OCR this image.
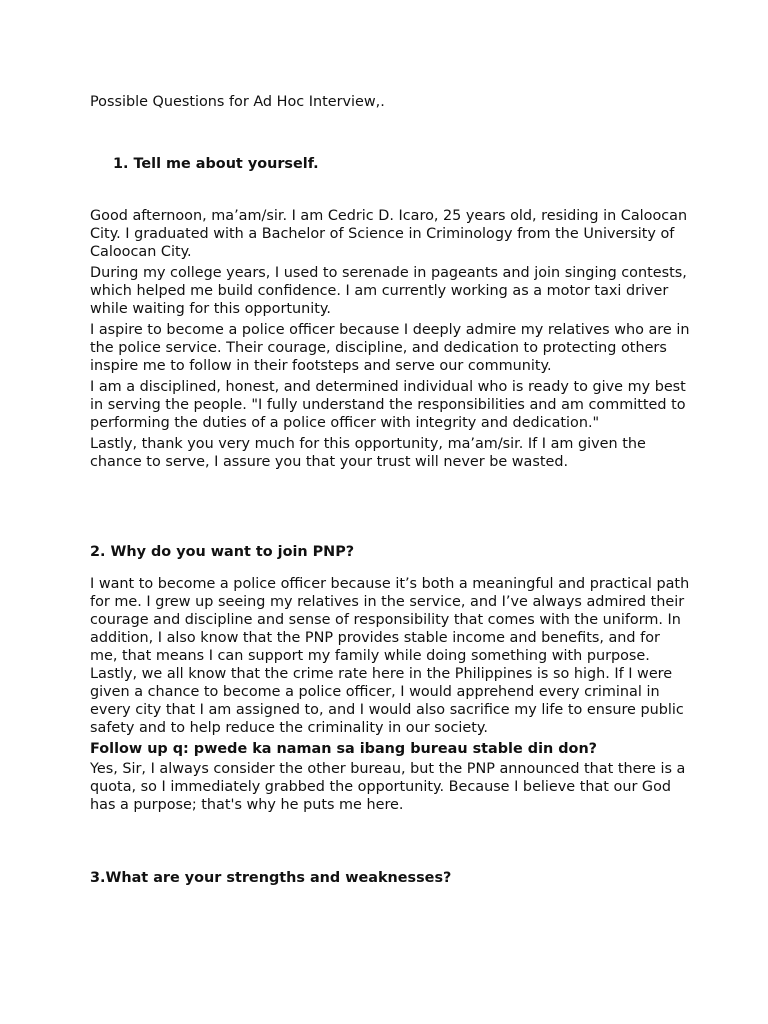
Possible Questions for Ad Hoc Interview,.
1. Tell me about yourself.

Good afternoon, ma’am/sir. I am Cedric D. Icaro, 25 years old, residing in Caloocan City. I graduated with a Bachelor of Science in Criminology from the University of Caloocan City.

During my college years, I used to serenade in pageants and join singing contests, which helped me build confidence. I am currently working as a motor taxi driver while waiting for this opportunity.

I aspire to become a police officer because I deeply admire my relatives who are in the police service. Their courage, discipline, and dedication to protecting others inspire me to follow in their footsteps and serve our community.

I am a disciplined, honest, and determined individual who is ready to give my best in serving the people. "I fully understand the responsibilities and am committed to performing the duties of a police officer with integrity and dedication."

Lastly, thank you very much for this opportunity, ma’am/sir. If I am given the chance to serve, I assure you that your trust will never be wasted.

2. Why do you want to join PNP?

I want to become a police officer because it’s both a meaningful and practical path for me. I grew up seeing my relatives in the service, and I’ve always admired their courage and discipline and sense of responsibility that comes with the uniform. In addition, I also know that the PNP provides stable income and benefits, and for me, that means I can support my family while doing something with purpose. Lastly, we all know that the crime rate here in the Philippines is so high. If I were given a chance to become a police officer, I would apprehend every criminal in every city that I am assigned to, and I would also sacrifice my life to ensure public safety and to help reduce the criminality in our society.

Follow up q: pwede ka naman sa ibang bureau stable din don?

Yes, Sir, I always consider the other bureau, but the PNP announced that there is a quota, so I immediately grabbed the opportunity. Because I believe that our God has a purpose; that's why he puts me here.

3.What are your strengths and weaknesses?
